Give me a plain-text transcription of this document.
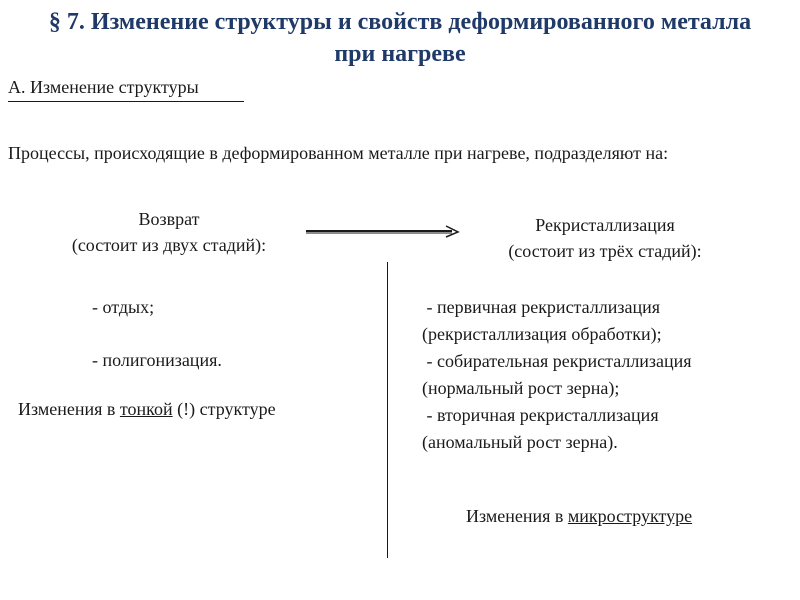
§ 7. Изменение структуры и свойств деформированного металла
при нагреве
А. Изменение структуры
Процессы, происходящие в деформированном металле при нагреве, подразделяют на:
Возврат
(состоит из двух стадий):
Рекристаллизация
(состоит из трёх стадий):
- отдых;
- полигонизация.
Изменения в тонкой (!) структуре
- первичная рекристаллизация
(рекристаллизация обработки);
- собирательная рекристаллизация
(нормальный рост зерна);
- вторичная рекристаллизация
(аномальный рост зерна).
Изменения в микроструктуре
